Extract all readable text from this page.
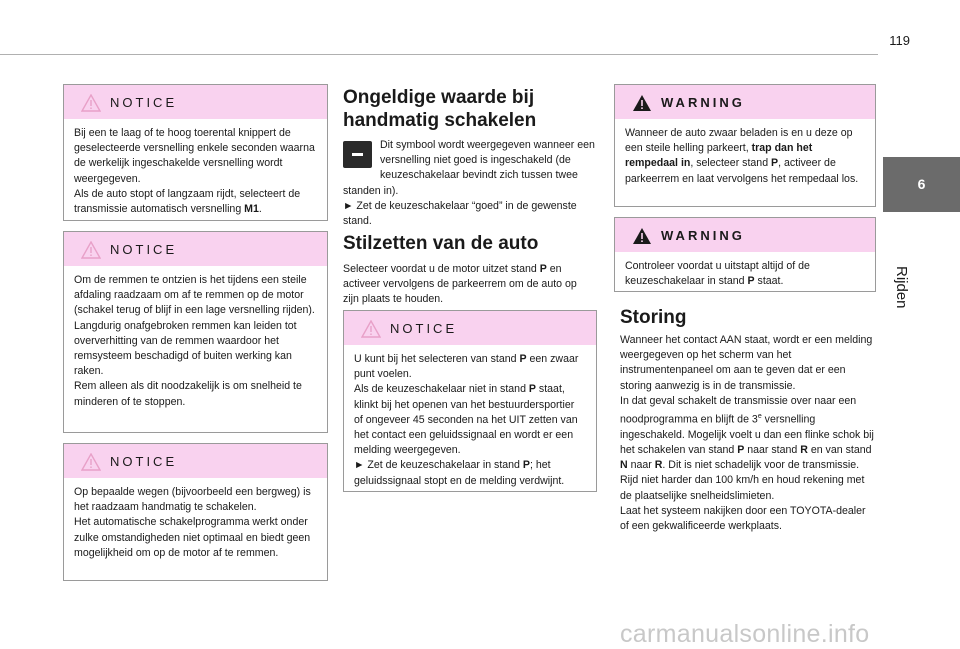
119
6
Rijden
NOTICE
Bij een te laag of te hoog toerental knippert de geselecteerde versnelling enkele seconden waarna de werkelijk ingeschakelde versnelling wordt weergegeven.
Als de auto stopt of langzaam rijdt, selecteert de transmissie automatisch versnelling M1.
NOTICE
Om de remmen te ontzien is het tijdens een steile afdaling raadzaam om af te remmen op de motor (schakel terug of blijf in een lage versnelling rijden).
Langdurig onafgebroken remmen kan leiden tot oververhitting van de remmen waardoor het remsysteem beschadigd of buiten werking kan raken.
Rem alleen als dit noodzakelijk is om snelheid te minderen of te stoppen.
NOTICE
Op bepaalde wegen (bijvoorbeeld een bergweg) is het raadzaam handmatig te schakelen.
Het automatische schakelprogramma werkt onder zulke omstandigheden niet optimaal en biedt geen mogelijkheid om op de motor af te remmen.
Ongeldige waarde bij handmatig schakelen
Dit symbool wordt weergegeven wanneer een versnelling niet goed is ingeschakeld (de keuzeschakelaar bevindt zich tussen twee standen in).

► Zet de keuzeschakelaar “goed” in de gewenste stand.

Stilzetten van de auto
Selecteer voordat u de motor uitzet stand P en activeer vervolgens de parkeerrem om de auto op zijn plaats te houden.
NOTICE
U kunt bij het selecteren van stand P een zwaar punt voelen.
Als de keuzeschakelaar niet in stand P staat, klinkt bij het openen van het bestuurdersportier of ongeveer 45 seconden na het UIT zetten van het contact een geluidssignaal en wordt er een melding weergegeven.
► Zet de keuzeschakelaar in stand P; het geluidssignaal stopt en de melding verdwijnt.
WARNING
Wanneer de auto zwaar beladen is en u deze op een steile helling parkeert, trap dan het rempedaal in, selecteer stand P, activeer de parkeerrem en laat vervolgens het rempedaal los.
WARNING
Controleer voordat u uitstapt altijd of de keuzeschakelaar in stand P staat.
Storing
Wanneer het contact AAN staat, wordt er een melding weergegeven op het scherm van het instrumentenpaneel om aan te geven dat er een storing aanwezig is in de transmissie.
In dat geval schakelt de transmissie over naar een noodprogramma en blijft de 3e versnelling ingeschakeld. Mogelijk voelt u dan een flinke schok bij het schakelen van stand P naar stand R en van stand N naar R. Dit is niet schadelijk voor de transmissie.
Rijd niet harder dan 100 km/h en houd rekening met de plaatselijke snelheidslimieten.
Laat het systeem nakijken door een TOYOTA-dealer of een gekwalificeerde werkplaats.
carmanualsonline.info
